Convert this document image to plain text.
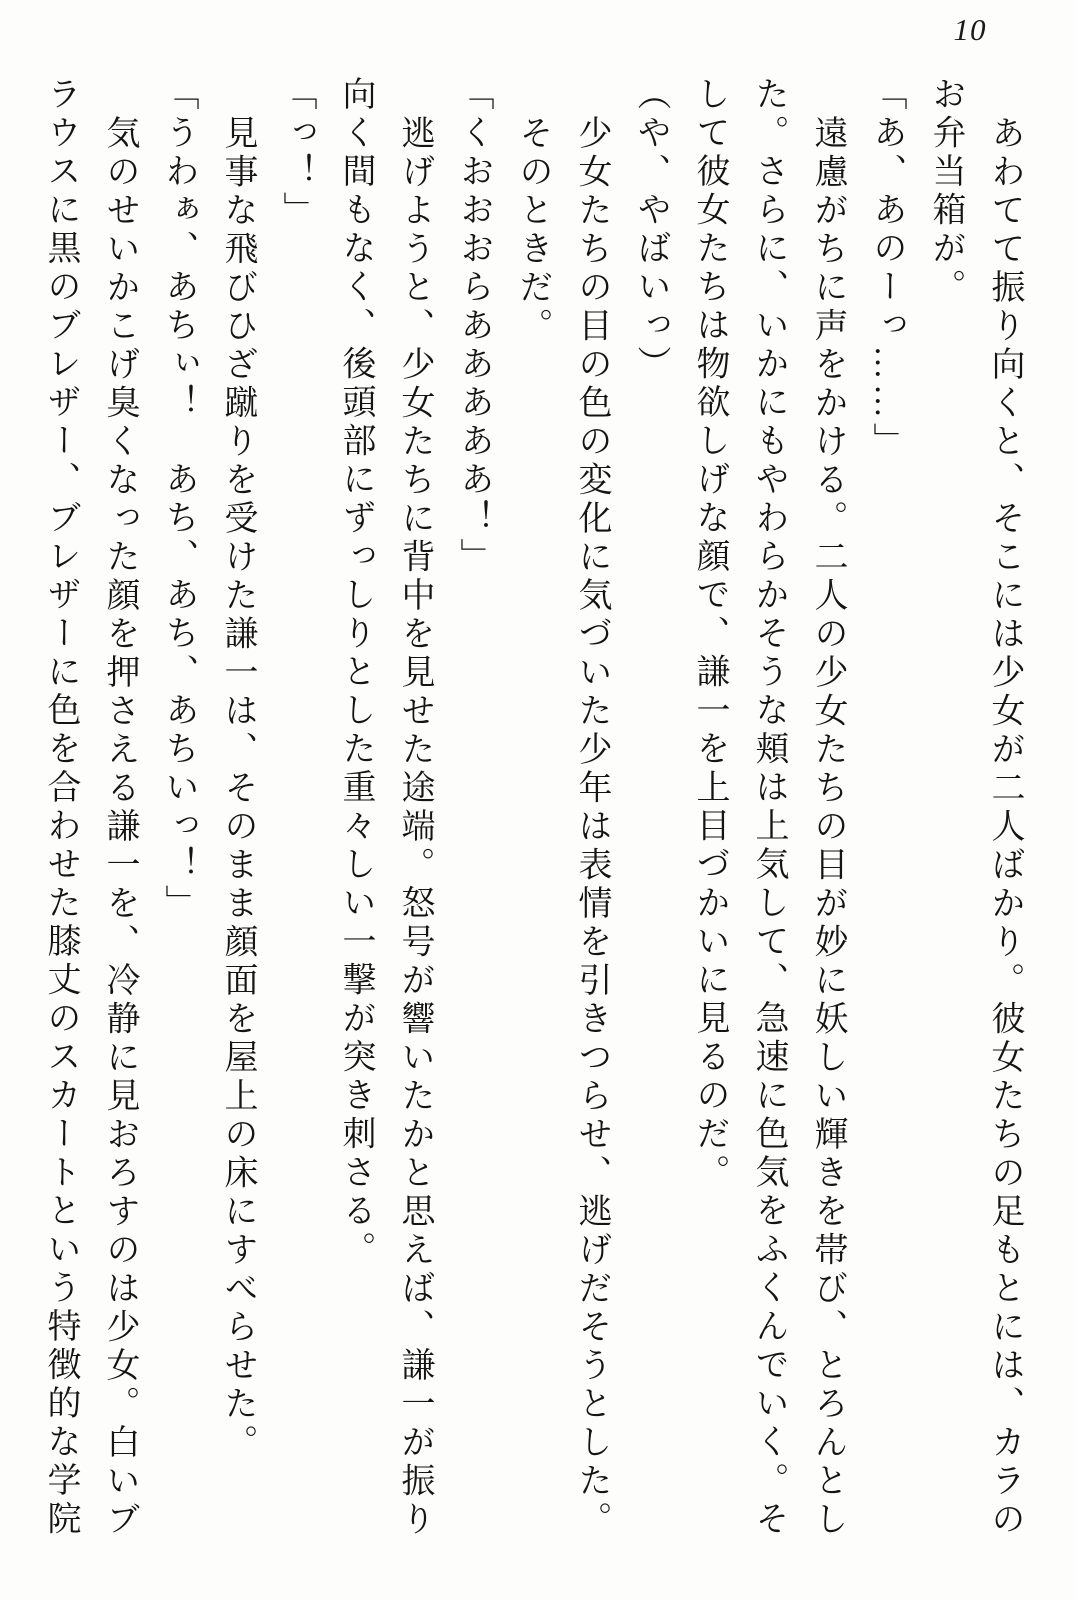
10

あわてて振り向くと、そこには少女が二人ばかり。彼女たちの足もとには、カラのお弁当箱が。

「あ、あのーっ……」

遠慮がちに声をかける。二人の少女たちの目が妙に妖しい輝きを帯び、とろんとした。さらに、いかにもやわらかそうな頬は上気して、急速に色気をふくんでいく。そして彼女たちは物欲しげな顔で、謙一を上目づかいに見るのだ。

（や、やばいっ）

少女たちの目の色の変化に気づいた少年は表情を引きつらせ、逃げだそうとした。

そのときだ。

「くおおおらあああああ！」

逃げようと、少女たちに背中を見せた途端。怒号が響いたかと思えば、謙一が振り向く間もなく、後頭部にずっしりとした重々しい一撃が突き刺さる。

「っ！」

見事な飛びひざ蹴りを受けた謙一は、そのまま顔面を屋上の床にすべらせた。

「うわぁ、あちぃ！　あち、あち、あちいっ！」

気のせいかこげ臭くなった顔を押さえる謙一を、冷静に見おろすのは少女。白いブラウスに黒のブレザー、ブレザーに色を合わせた膝丈のスカートという特徴的な学院
